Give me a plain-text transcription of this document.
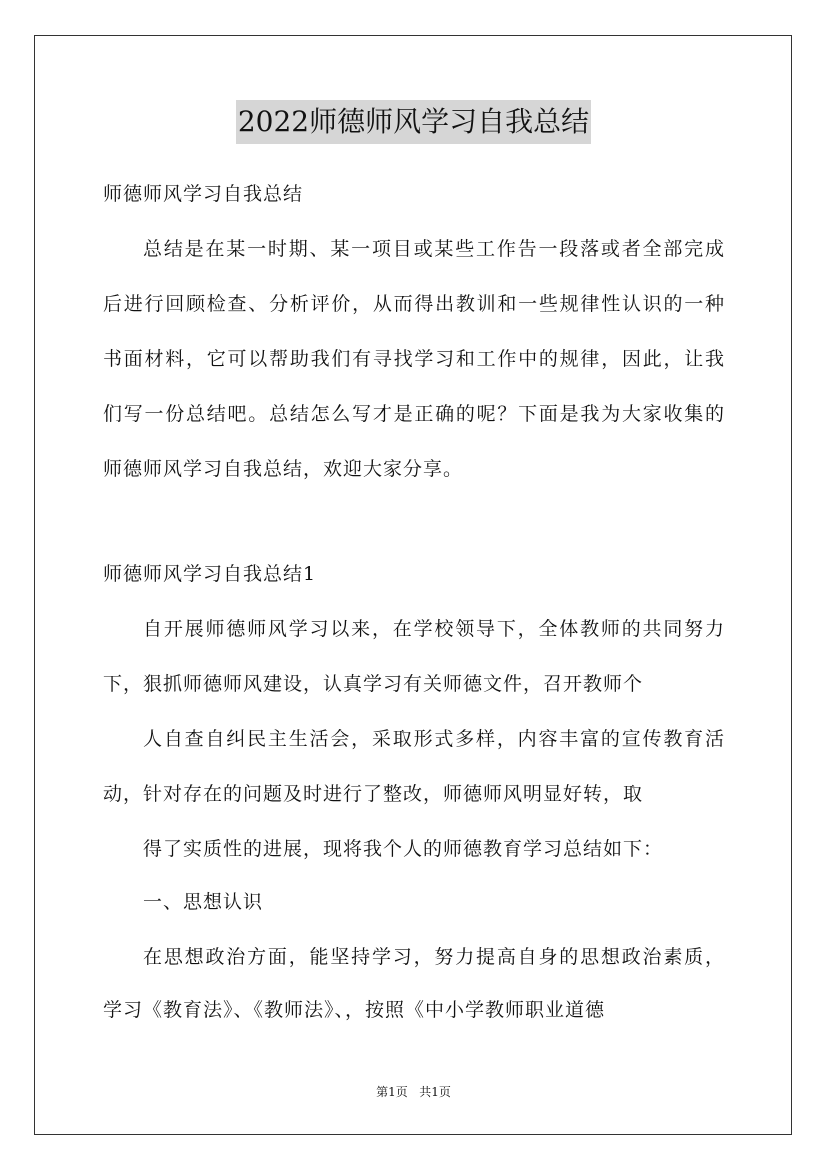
2022师德师风学习自我总结
师德师风学习自我总结
总结是在某一时期、某一项目或某些工作告一段落或者全部完成
后进行回顾检查、分析评价，从而得出教训和一些规律性认识的一种
书面材料，它可以帮助我们有寻找学习和工作中的规律，因此，让我
们写一份总结吧。总结怎么写才是正确的呢？下面是我为大家收集的
师德师风学习自我总结，欢迎大家分享。
师德师风学习自我总结1
自开展师德师风学习以来，在学校领导下，全体教师的共同努力
下，狠抓师德师风建设，认真学习有关师德文件，召开教师个
人自查自纠民主生活会，采取形式多样，内容丰富的宣传教育活
动，针对存在的问题及时进行了整改，师德师风明显好转，取
得了实质性的进展，现将我个人的师德教育学习总结如下：
一、思想认识
在思想政治方面，能坚持学习，努力提高自身的思想政治素质，
学习《教育法》、《教师法》、，按照《中小学教师职业道德
第1页 共1页
